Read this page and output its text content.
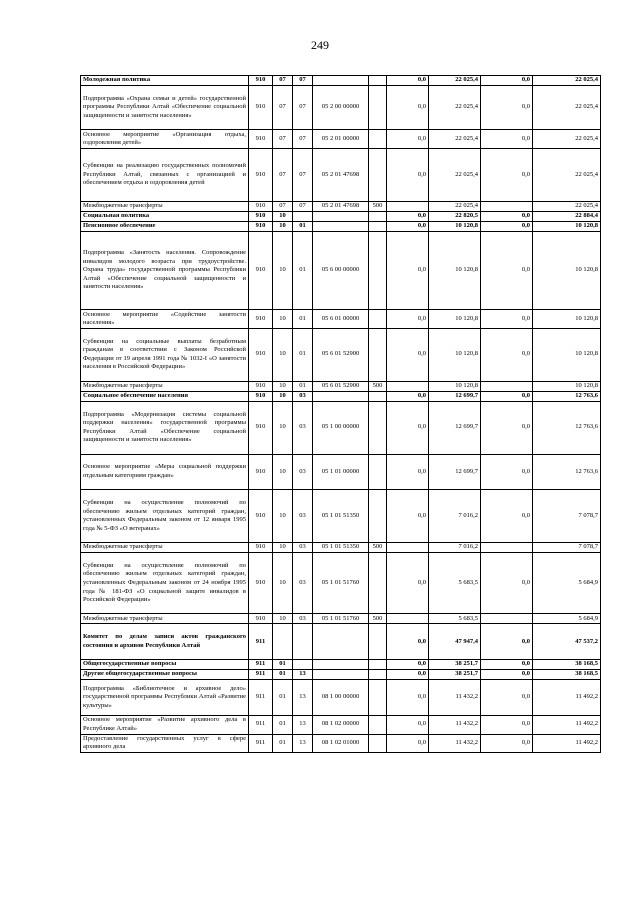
249
Молодежная политика	910	07	07			0,0	22 025,4	0,0	22 025,4
Подпрограмма «Охрана семьи и детей» государственной программы Республики Алтай «Обеспечение социальной защищенности и занятости населения»	910	07	07	05 2 00 00000		0,0	22 025,4	0,0	22 025,4
Основное мероприятие «Организация отдыха, оздоровления детей»	910	07	07	05 2 01 00000		0,0	22 025,4	0,0	22 025,4
Субвенции на реализацию государственных полномочий Республики Алтай, связанных с организацией и обеспечением отдыха и оздоровления детей	910	07	07	05 2 01 47698		0,0	22 025,4	0,0	22 025,4
Межбюджетные трансферты	910	07	07	05 2 01 47698	500		22 025,4		22 025,4
Социальная политика	910	10				0,0	22 820,5	0,0	22 884,4
Пенсионное обеспечение	910	10	01			0,0	10 120,8	0,0	10 120,8
Подпрограмма «Занятость населения. Сопровождение инвалидов молодого возраста при трудоустройстве. Охрана труда» государственной программы Республики Алтай «Обеспечение социальной защищенности и занятости населения»	910	10	01	05 6 00 00000		0,0	10 120,8	0,0	10 120,8
Основное мероприятие «Содействие занятости населения»	910	10	01	05 6 01 00000		0,0	10 120,8	0,0	10 120,8
Субвенции на социальные выплаты безработным гражданам в соответствии с Законом Российской Федерации от 19 апреля 1991 года № 1032-I «О занятости населения в Российской Федерации»	910	10	01	05 6 01 52900		0,0	10 120,8	0,0	10 120,8
Межбюджетные трансферты	910	10	01	05 6 01 52900	500		10 120,8		10 120,8
Социальное обеспечение населения	910	10	03			0,0	12 699,7	0,0	12 763,6
Подпрограмма «Модернизация системы социальной поддержки населения» государственной программы Республики Алтай «Обеспечение социальной защищенности и занятости населения»	910	10	03	05 1 00 00000		0,0	12 699,7	0,0	12 763,6
Основное мероприятие «Меры социальной поддержки отдельным категориям граждан»	910	10	03	05 1 01 00000		0,0	12 699,7	0,0	12 763,6
Субвенции на осуществление полномочий по обеспечению жильем отдельных категорий граждан, установленных Федеральным законом от 12 января 1995 года № 5-ФЗ «О ветеранах»	910	10	03	05 1 01 51350		0,0	7 016,2	0,0	7 078,7
Межбюджетные трансферты	910	10	03	05 1 01 51350	500		7 016,2		7 078,7
Субвенции на осуществление полномочий по обеспечению жильем отдельных категорий граждан, установленных Федеральным законом от 24 ноября 1995 года № 181-ФЗ «О социальной защите инвалидов в Российской Федерации»	910	10	03	05 1 01 51760		0,0	5 683,5	0,0	5 684,9
Межбюджетные трансферты	910	10	03	05 1 01 51760	500		5 683,5		5 684,9
Комитет по делам записи актов гражданского состояния и архивов Республики Алтай	911					0,0	47 947,4	0,0	47 537,2
Общегосударственные вопросы	911	01				0,0	38 251,7	0,0	38 168,5
Другие общегосударственные вопросы	911	01	13			0,0	38 251,7	0,0	38 168,5
Подпрограмма «Библиотечное и архивное дело» государственной программы Республики Алтай «Развитие культуры»	911	01	13	08 1 00 00000		0,0	11 432,2	0,0	11 492,2
Основное мероприятие «Развитие архивного дела в Республике Алтай»	911	01	13	08 1 02 00000		0,0	11 432,2	0,0	11 492,2
Предоставление государственных услуг в сфере архивного дела	911	01	13	08 1 02 01000		0,0	11 432,2	0,0	11 492,2
